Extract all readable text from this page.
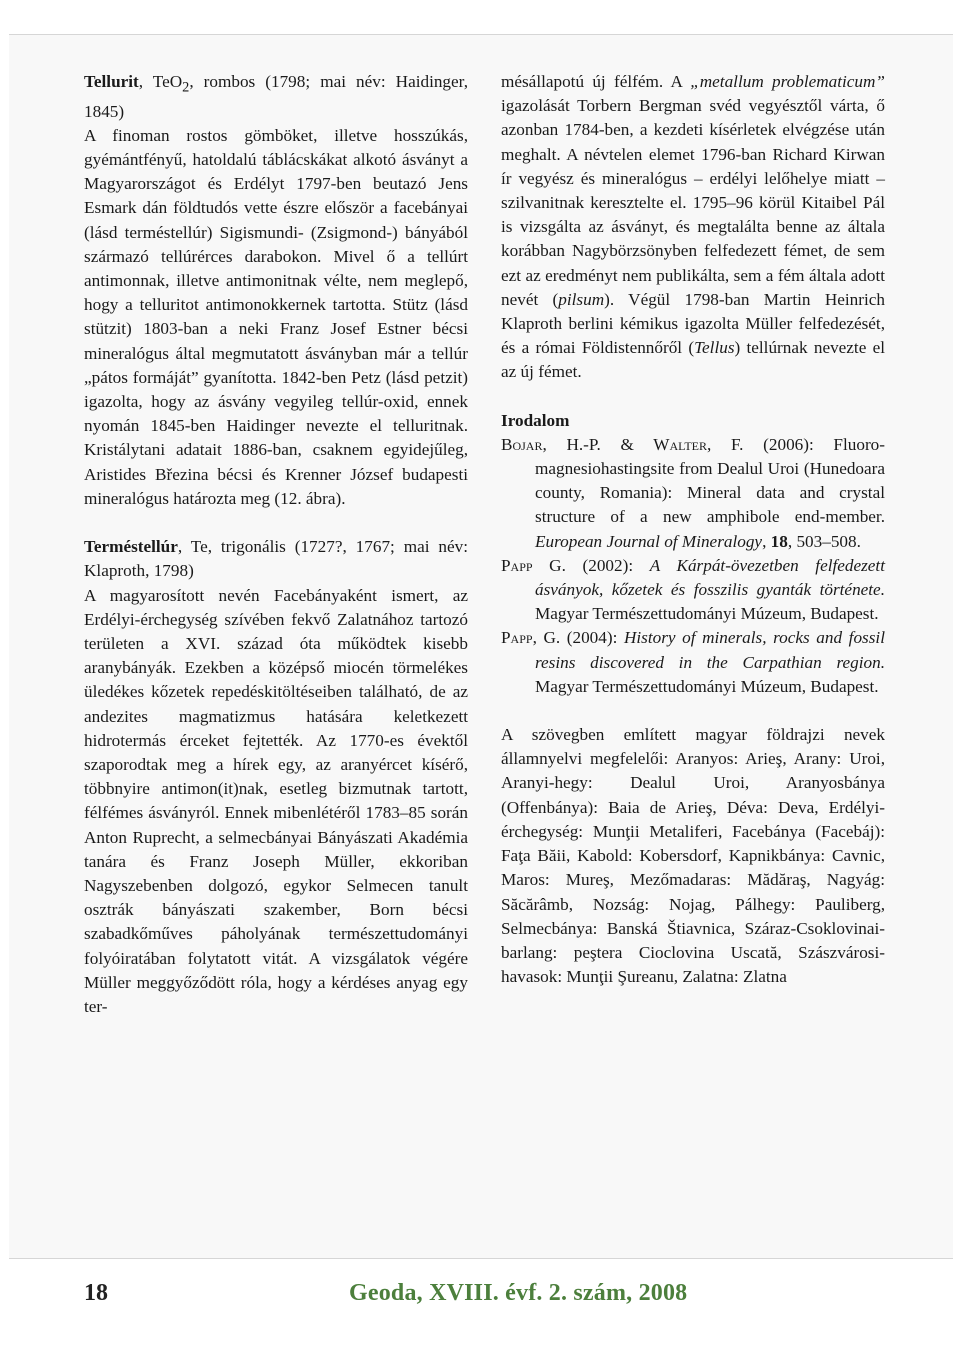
Tellurit, TeO$_2$, rombos (1798; mai név: Haidinger, 1845)
A finoman rostos gömböket, illetve hosszúkás, gyémántfényű, hatoldalú táblácskákat alkotó ásványt a Magyarországot és Erdélyt 1797-ben beutazó Jens Esmark dán földtudós vette észre először a facebányai (lásd terméstellúr) Sigismundi- (Zsigmond-) bányából származó tellúrérces darabokon. Mivel ő a tellúrt antimonnak, illetve antimonitnak vélte, nem meglepő, hogy a telluritot antimonokkernek tartotta. Stütz (lásd stützit) 1803-ban a neki Franz Josef Estner bécsi mineralógus által megmutatott ásványban már a tellúr „pátos formáját” gyanította. 1842-ben Petz (lásd petzit) igazolta, hogy az ásvány vegyileg tellúr-oxid, ennek nyomán 1845-ben Haidinger nevezte el telluritnak. Kristálytani adatait 1886-ban, csaknem egyidejűleg, Aristides Březina bécsi és Krenner József budapesti mineralógus határozta meg (12. ábra).

Terméstellúr, Te, trigonális (1727?, 1767; mai név: Klaproth, 1798)
A magyarosított nevén Facebányaként ismert, az Erdélyi-érchegység szívében fekvő Zalatnához tartozó területen a XVI. század óta működtek kisebb aranybányák. Ezekben a középső miocén törmelékes üledékes kőzetek repedéskitöltéseiben található, de az andezites magmatizmus hatására keletkezett hidrotermás érceket fejtették. Az 1770-es évektől szaporodtak meg a hírek egy, az aranyércet kísérő, többnyire antimon(it)nak, esetleg bizmutnak tartott, félfémes ásványról. Ennek mibenlétéről 1783–85 során Anton Ruprecht, a selmecbányai Bányászati Akadémia tanára és Franz Joseph Müller, ekkoriban Nagyszebenben dolgozó, egykor Selmecen tanult osztrák bányászati szakember, Born bécsi szabadkőműves páholyának természettudományi folyóiratában folytatott vitát. A vizsgálatok végére Müller meggyőződött róla, hogy a kérdéses anyag egy ter-

mésállapotú új félfém. A „metallum problematicum” igazolását Torbern Bergman svéd vegyésztől várta, ő azonban 1784-ben, a kezdeti kísérletek elvégzése után meghalt. A névtelen elemet 1796-ban Richard Kirwan ír vegyész és mineralógus – erdélyi lelőhelye miatt – szilvanitnak keresztelte el. 1795–96 körül Kitaibel Pál is vizsgálta az ásványt, és megtalálta benne az általa korábban Nagybörzsönyben felfedezett fémet, de sem ezt az eredményt nem publikálta, sem a fém általa adott nevét (pilsum). Végül 1798-ban Martin Heinrich Klaproth berlini kémikus igazolta Müller felfedezését, és a római Földistennőről (Tellus) tellúrnak nevezte el az új fémet.

Irodalom

Bojar, H.-P. & Walter, F. (2006): Fluoro-magnesiohastingsite from Dealul Uroi (Hunedoara county, Romania): Mineral data and crystal structure of a new amphibole end-member. European Journal of Mineralogy, 18, 503–508.

Papp G. (2002): A Kárpát-övezetben felfedezett ásványok, kőzetek és fosszilis gyanták története. Magyar Természettudományi Múzeum, Budapest.

Papp, G. (2004): History of minerals, rocks and fossil resins discovered in the Carpathian region. Magyar Természettudományi Múzeum, Budapest.

A szövegben említett magyar földrajzi nevek államnyelvi megfelelői: Aranyos: Arieş, Arany: Uroi, Aranyi-hegy: Dealul Uroi, Aranyosbánya (Offenbánya): Baia de Arieş, Déva: Deva, Erdélyi-érchegység: Munţii Metaliferi, Facebánya (Facebáj): Faţa Băii, Kabold: Kobersdorf, Kapnikbánya: Cavnic, Maros: Mureş, Mezőmadaras: Mădăraş, Nagyág: Săcărâmb, Nozság: Nojag, Pálhegy: Pauliberg, Selmecbánya: Banská Štiavnica, Száraz-Csoklovinai-barlang: peştera Cioclovina Uscată, Szászvárosi-havasok: Munţii Şureanu, Zalatna: Zlatna

18	Geoda, XVIII. évf. 2. szám, 2008
